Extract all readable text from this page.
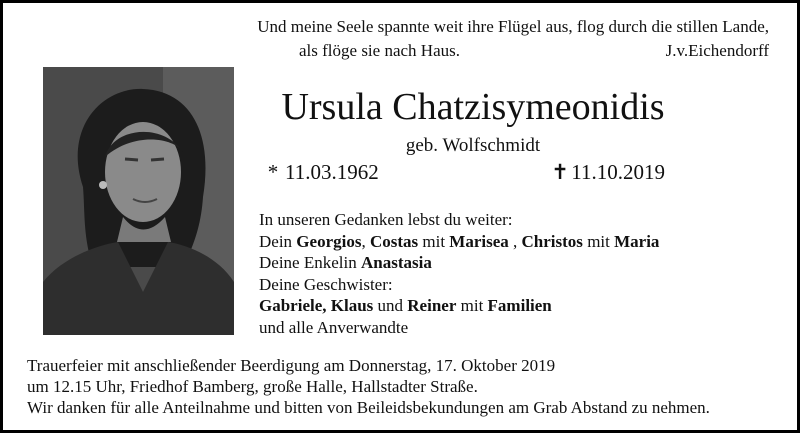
Und meine Seele spannte weit ihre Flügel aus, flog durch die stillen Lande,
als flöge sie nach Haus.	J.v.Eichendorff
Ursula Chatzisymeonidis
geb. Wolfschmidt
* 11.03.1962	✝ 11.10.2019
In unseren Gedanken lebst du weiter:
Dein Georgios, Costas mit Marisea , Christos mit Maria
Deine Enkelin Anastasia
Deine Geschwister:
Gabriele, Klaus und Reiner mit Familien
und alle Anverwandte
Trauerfeier mit anschließender Beerdigung am Donnerstag, 17. Oktober 2019
um 12.15 Uhr, Friedhof Bamberg, große Halle, Hallstadter Straße.
Wir danken für alle Anteilnahme und bitten von Beileidsbekundungen am Grab Abstand zu nehmen.
